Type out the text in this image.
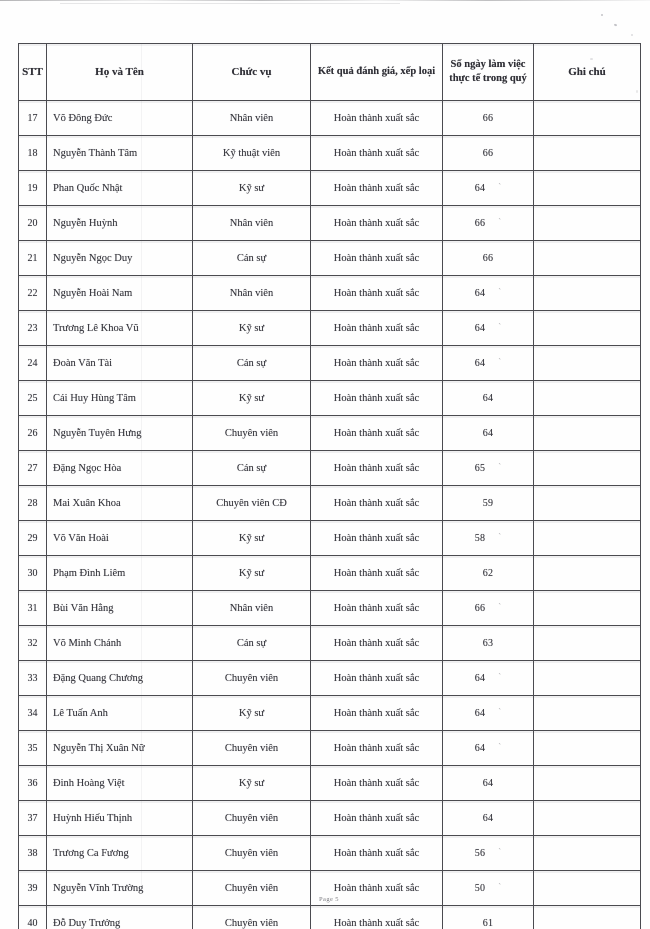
STT	Họ và Tên	Chức vụ	Kết quả đánh giá, xếp loại	Số ngày làm việc thực tế trong quý	Ghi chú
17	Võ Đông Đức	Nhân viên	Hoàn thành xuất sắc	66	
18	Nguyễn Thành Tâm	Kỹ thuật viên	Hoàn thành xuất sắc	66	
19	Phan Quốc Nhật	Kỹ sư	Hoàn thành xuất sắc	64 ˋ	
20	Nguyễn Huỳnh	Nhân viên	Hoàn thành xuất sắc	66 ˋ	
21	Nguyễn Ngọc Duy	Cán sự	Hoàn thành xuất sắc	66	
22	Nguyễn Hoài Nam	Nhân viên	Hoàn thành xuất sắc	64 ˋ	
23	Trương Lê Khoa Vũ	Kỹ sư	Hoàn thành xuất sắc	64 ˋ	
24	Đoàn Văn Tài	Cán sự	Hoàn thành xuất sắc	64 ˋ	
25	Cái Huy Hùng Tâm	Kỹ sư	Hoàn thành xuất sắc	64	
26	Nguyễn Tuyên Hưng	Chuyên viên	Hoàn thành xuất sắc	64	
27	Đặng Ngọc Hòa	Cán sự	Hoàn thành xuất sắc	65 ˋ	
28	Mai Xuân Khoa	Chuyên viên CĐ	Hoàn thành xuất sắc	59	
29	Võ Văn Hoài	Kỹ sư	Hoàn thành xuất sắc	58 ˋ	
30	Phạm Đình Liêm	Kỹ sư	Hoàn thành xuất sắc	62	
31	Bùi Văn Hằng	Nhân viên	Hoàn thành xuất sắc	66 ˋ	
32	Võ Minh Chánh	Cán sự	Hoàn thành xuất sắc	63	
33	Đặng Quang Chương	Chuyên viên	Hoàn thành xuất sắc	64 ˋ	
34	Lê Tuấn Anh	Kỹ sư	Hoàn thành xuất sắc	64 ˋ	
35	Nguyễn Thị Xuân Nữ	Chuyên viên	Hoàn thành xuất sắc	64 ˋ	
36	Đinh Hoàng Việt	Kỹ sư	Hoàn thành xuất sắc	64	
37	Huỳnh Hiếu Thịnh	Chuyên viên	Hoàn thành xuất sắc	64	
38	Trương Ca Fương	Chuyên viên	Hoàn thành xuất sắc	56 ˋ	
39	Nguyễn Vĩnh Trường	Chuyên viên	Hoàn thành xuất sắc	50 ˋ	
40	Đỗ Duy Trưởng	Chuyên viên	Hoàn thành xuất sắc	61	
Page 5
